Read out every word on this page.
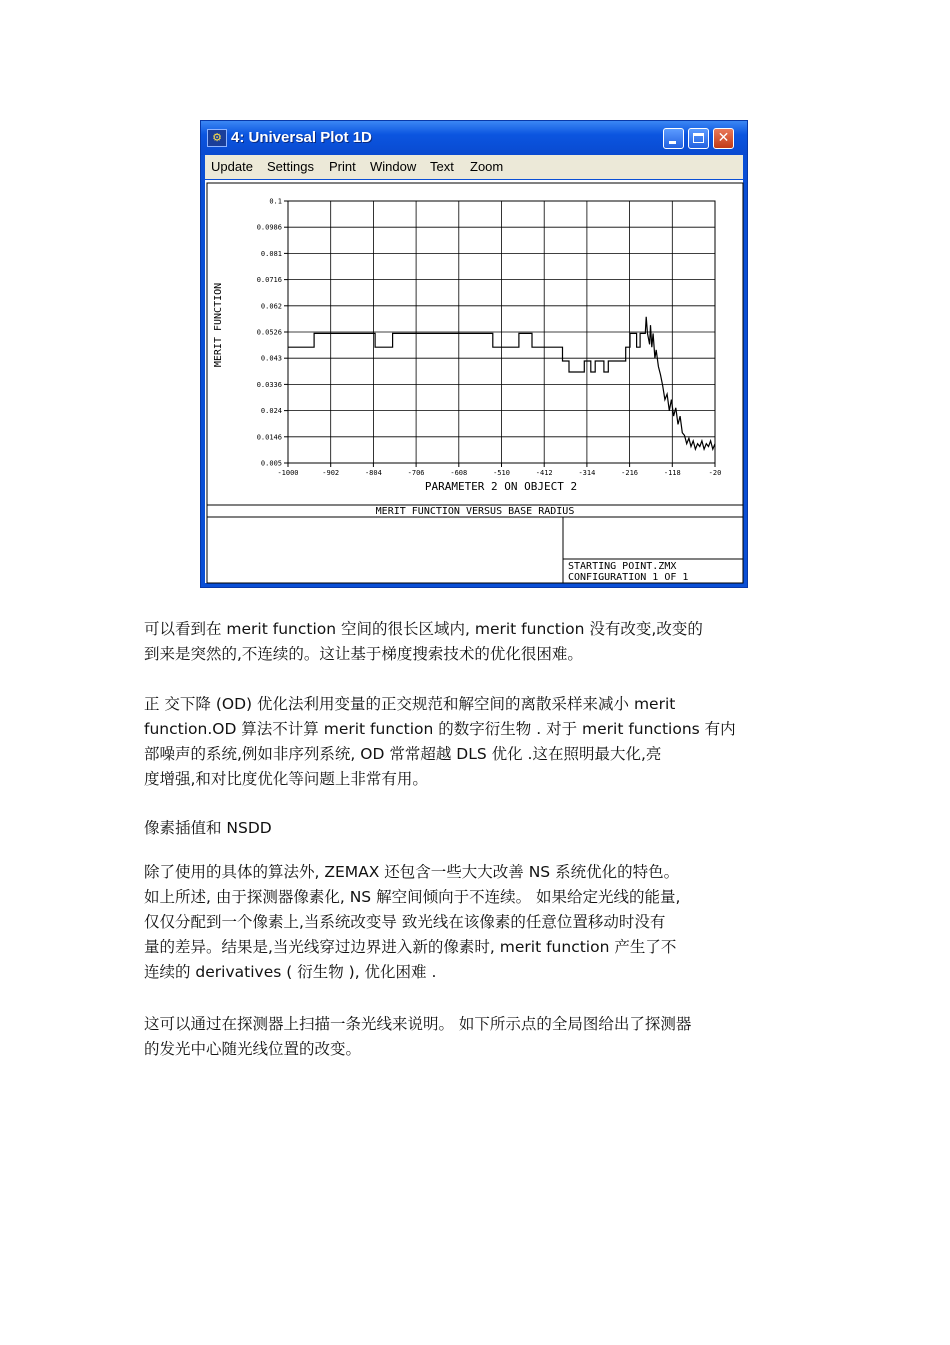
⚙ 4: Universal Plot 1D	✕
Update Settings Print Window Text Zoom
-1000	-902	-804	-706	-608	-510	-412	-314	-216	-118	-20
0.1
0.0986
0.081
0.0716
0.062
0.0526
0.043
0.0336
0.024
0.0146
0.005
MERIT FUNCTION
PARAMETER 2 ON OBJECT 2
MERIT FUNCTION VERSUS BASE RADIUS
STARTING POINT.ZMX
CONFIGURATION 1 OF 1
可以看到在 merit function 空间的很长区域内, merit function 没有改变,改变的
到来是突然的,不连续的。这让基于梯度搜索技术的优化很困难。
正 交下降 (OD) 优化法利用变量的正交规范和解空间的离散采样来减小 merit
function.OD 算法不计算 merit function 的数字衍生物 . 对于 merit functions 有内
部噪声的系统,例如非序列系统, OD 常常超越 DLS 优化 .这在照明最大化,亮
度增强,和对比度优化等问题上非常有用。
像素插值和 NSDD
除了使用的具体的算法外, ZEMAX 还包含一些大大改善 NS 系统优化的特色。
如上所述, 由于探测器像素化, NS 解空间倾向于不连续。 如果给定光线的能量,
仅仅分配到一个像素上,当系统改变导 致光线在该像素的任意位置移动时没有
量的差异。结果是,当光线穿过边界进入新的像素时, merit function 产生了不
连续的 derivatives ( 衍生物 ), 优化困难 .
这可以通过在探测器上扫描一条光线来说明。 如下所示点的全局图给出了探测器
的发光中心随光线位置的改变。
